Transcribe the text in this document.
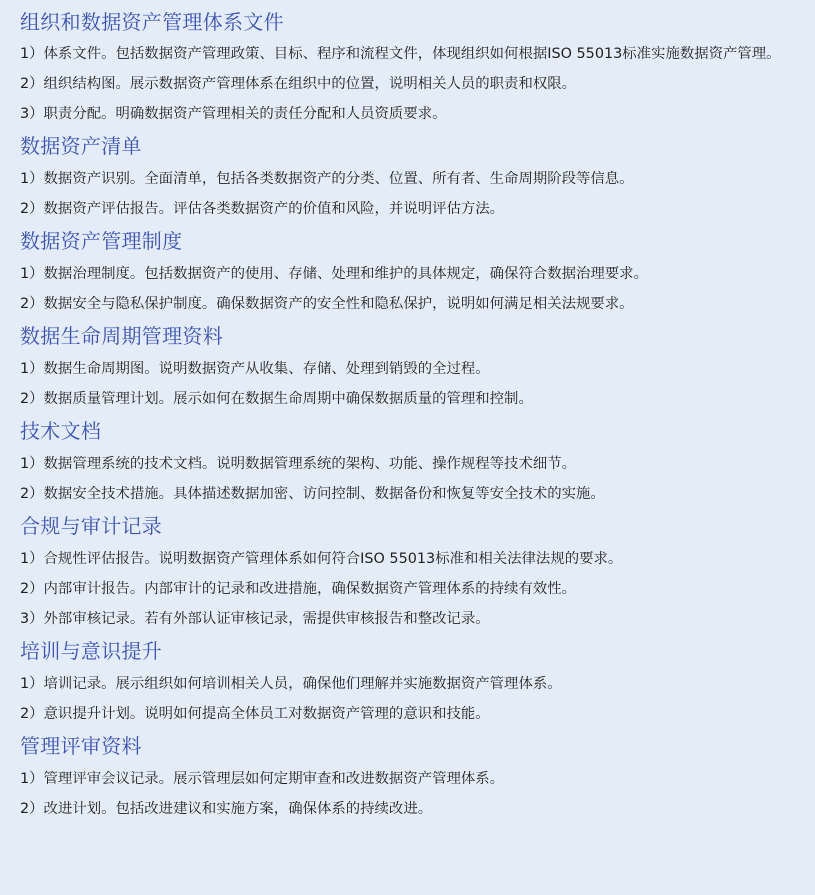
组织和数据资产管理体系文件
1）体系文件。包括数据资产管理政策、目标、程序和流程文件，体现组织如何根据ISO 55013标准实施数据资产管理。
2）组织结构图。展示数据资产管理体系在组织中的位置，说明相关人员的职责和权限。
3）职责分配。明确数据资产管理相关的责任分配和人员资质要求。
数据资产清单
1）数据资产识别。全面清单，包括各类数据资产的分类、位置、所有者、生命周期阶段等信息。
2）数据资产评估报告。评估各类数据资产的价值和风险，并说明评估方法。
数据资产管理制度
1）数据治理制度。包括数据资产的使用、存储、处理和维护的具体规定，确保符合数据治理要求。
2）数据安全与隐私保护制度。确保数据资产的安全性和隐私保护，说明如何满足相关法规要求。
数据生命周期管理资料
1）数据生命周期图。说明数据资产从收集、存储、处理到销毁的全过程。
2）数据质量管理计划。展示如何在数据生命周期中确保数据质量的管理和控制。
技术文档
1）数据管理系统的技术文档。说明数据管理系统的架构、功能、操作规程等技术细节。
2）数据安全技术措施。具体描述数据加密、访问控制、数据备份和恢复等安全技术的实施。
合规与审计记录
1）合规性评估报告。说明数据资产管理体系如何符合ISO 55013标准和相关法律法规的要求。
2）内部审计报告。内部审计的记录和改进措施，确保数据资产管理体系的持续有效性。
3）外部审核记录。若有外部认证审核记录，需提供审核报告和整改记录。
培训与意识提升
1）培训记录。展示组织如何培训相关人员，确保他们理解并实施数据资产管理体系。
2）意识提升计划。说明如何提高全体员工对数据资产管理的意识和技能。
管理评审资料
1）管理评审会议记录。展示管理层如何定期审查和改进数据资产管理体系。
2）改进计划。包括改进建议和实施方案，确保体系的持续改进。
